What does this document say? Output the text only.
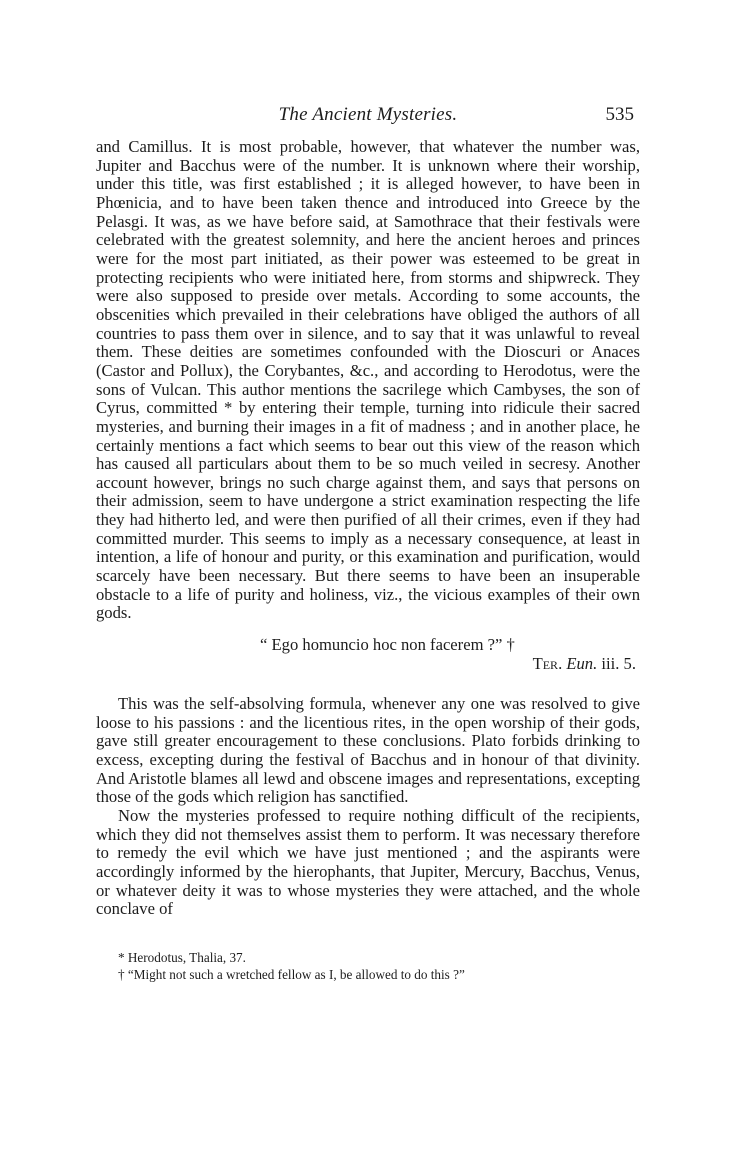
The Ancient Mysteries.	535

and Camillus. It is most probable, however, that whatever the number was, Jupiter and Bacchus were of the number. It is unknown where their worship, under this title, was first established ; it is alleged however, to have been in Phœnicia, and to have been taken thence and introduced into Greece by the Pelasgi. It was, as we have before said, at Samothrace that their festivals were celebrated with the greatest solemnity, and here the ancient heroes and princes were for the most part initiated, as their power was esteemed to be great in protecting recipients who were initiated here, from storms and shipwreck. They were also supposed to preside over metals. According to some accounts, the obscenities which prevailed in their celebrations have obliged the authors of all countries to pass them over in silence, and to say that it was unlawful to reveal them. These deities are sometimes confounded with the Dioscuri or Anaces (Castor and Pollux), the Corybantes, &c., and according to Herodotus, were the sons of Vulcan. This author mentions the sacrilege which Cambyses, the son of Cyrus, committed * by entering their temple, turning into ridicule their sacred mysteries, and burning their images in a fit of madness ; and in another place, he certainly mentions a fact which seems to bear out this view of the reason which has caused all particulars about them to be so much veiled in secresy. Another account however, brings no such charge against them, and says that persons on their admission, seem to have undergone a strict examination respecting the life they had hitherto led, and were then purified of all their crimes, even if they had committed murder. This seems to imply as a necessary consequence, at least in intention, a life of honour and purity, or this examination and purification, would scarcely have been necessary. But there seems to have been an insuperable obstacle to a life of purity and holiness, viz., the vicious examples of their own gods.

“ Ego homuncio hoc non facerem ?” †
Ter. Eun. iii. 5.

This was the self-absolving formula, whenever any one was resolved to give loose to his passions : and the licentious rites, in the open worship of their gods, gave still greater encouragement to these conclusions. Plato forbids drinking to excess, excepting during the festival of Bacchus and in honour of that divinity. And Aristotle blames all lewd and obscene images and representations, excepting those of the gods which religion has sanctified.

Now the mysteries professed to require nothing difficult of the recipients, which they did not themselves assist them to perform. It was necessary therefore to remedy the evil which we have just mentioned ; and the aspirants were accordingly informed by the hierophants, that Jupiter, Mercury, Bacchus, Venus, or whatever deity it was to whose mysteries they were attached, and the whole conclave of

* Herodotus, Thalia, 37.
† “Might not such a wretched fellow as I, be allowed to do this ?”
